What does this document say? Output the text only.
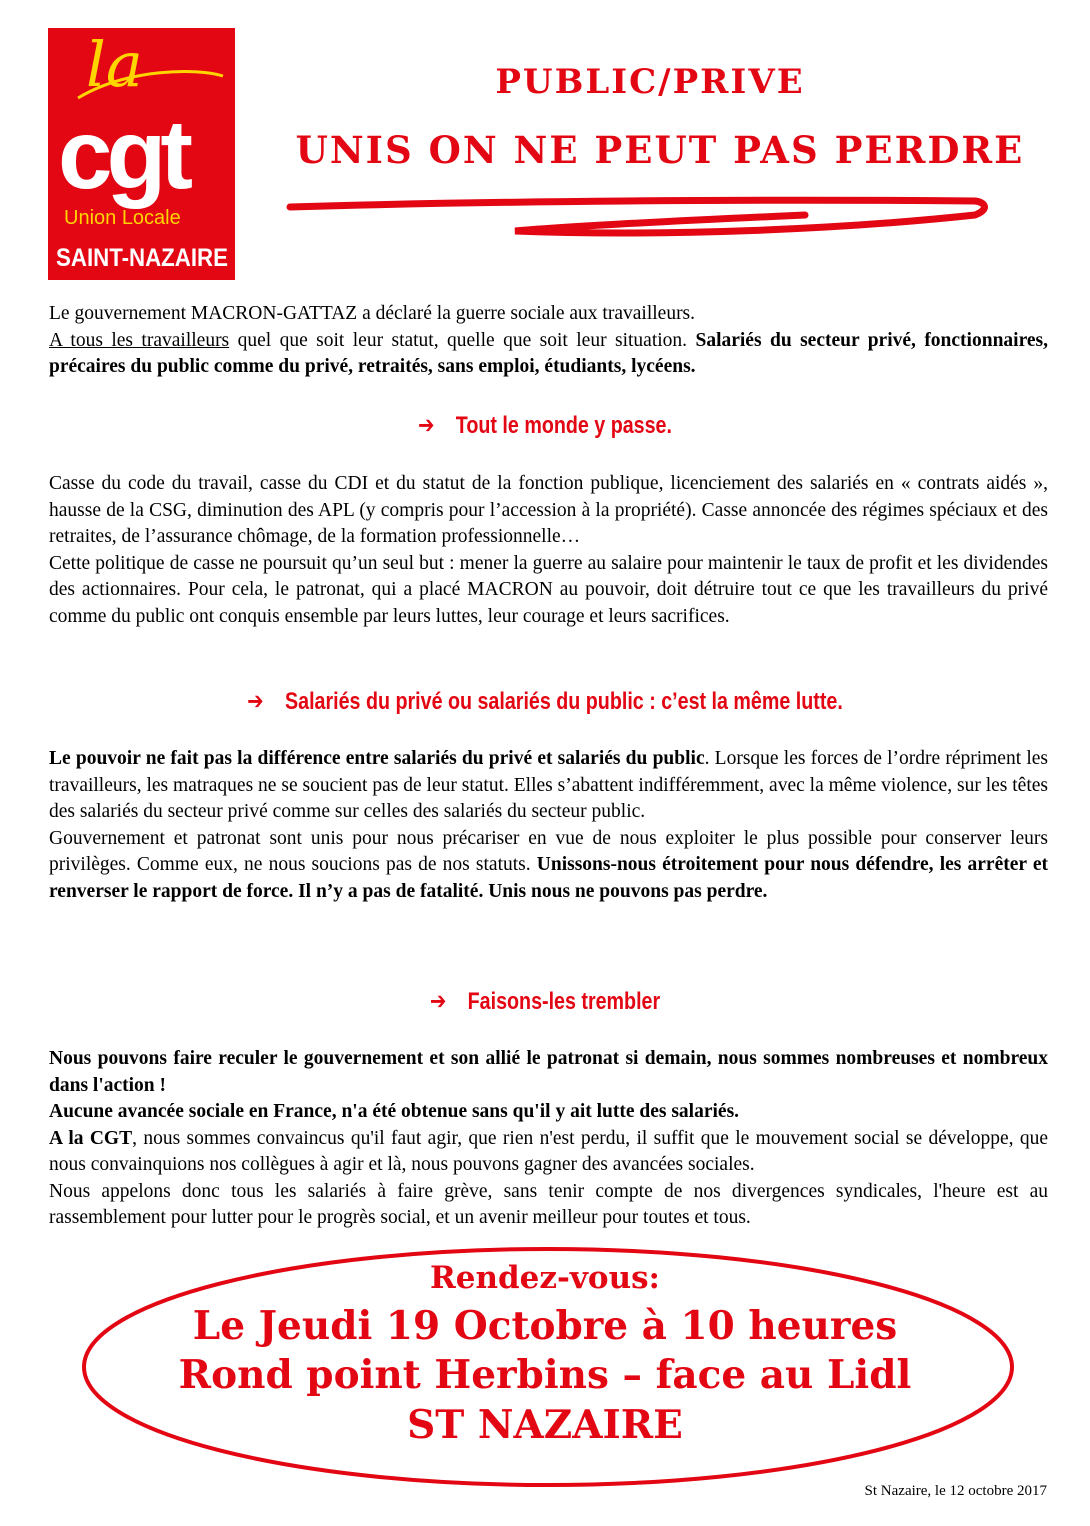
la
cgt
Union Locale
SAINT-NAZAIRE
PUBLIC/PRIVE
UNIS ON NE PEUT PAS PERDRE

Le gouvernement MACRON-GATTAZ a déclaré la guerre sociale aux travailleurs.

A tous les travailleurs quel que soit leur statut, quelle que soit leur situation. Salariés du secteur privé, fonctionnaires, précaires du public comme du privé, retraités, sans emploi, étudiants, lycéens.

➔ Tout le monde y passe.

Casse du code du travail, casse du CDI et du statut de la fonction publique, licenciement des salariés en « contrats aidés », hausse de la CSG, diminution des APL (y compris pour l’accession à la propriété). Casse annoncée des régimes spéciaux et des retraites, de l’assurance chômage, de la formation professionnelle…

Cette politique de casse ne poursuit qu’un seul but : mener la guerre au salaire pour maintenir le taux de profit et les dividendes des actionnaires. Pour cela, le patronat, qui a placé MACRON au pouvoir, doit détruire tout ce que les travailleurs du privé comme du public ont conquis ensemble par leurs luttes, leur courage et leurs sacrifices.

➔ Salariés du privé ou salariés du public : c’est la même lutte.

Le pouvoir ne fait pas la différence entre salariés du privé et salariés du public. Lorsque les forces de l’ordre répriment les travailleurs, les matraques ne se soucient pas de leur statut. Elles s’abattent indifféremment, avec la même violence, sur les têtes des salariés du secteur privé comme sur celles des salariés du secteur public.

Gouvernement et patronat sont unis pour nous précariser en vue de nous exploiter le plus possible pour conserver leurs privilèges. Comme eux, ne nous soucions pas de nos statuts. Unissons-nous étroitement pour nous défendre, les arrêter et renverser le rapport de force. Il n’y a pas de fatalité. Unis nous ne pouvons pas perdre.

➔ Faisons-les trembler

Nous pouvons faire reculer le gouvernement et son allié le patronat si demain, nous sommes nombreuses et nombreux dans l'action !

Aucune avancée sociale en France, n'a été obtenue sans qu'il y ait lutte des salariés.

A la CGT, nous sommes convaincus qu'il faut agir, que rien n'est perdu, il suffit que le mouvement social se développe, que nous convainquions nos collègues à agir et là, nous pouvons gagner des avancées sociales.

Nous appelons donc tous les salariés à faire grève, sans tenir compte de nos divergences syndicales, l'heure est au rassemblement pour lutter pour le progrès social, et un avenir meilleur pour toutes et tous.

Rendez-vous:
Le Jeudi 19 Octobre à 10 heures
Rond point Herbins – face au Lidl
ST NAZAIRE
St Nazaire, le 12 octobre 2017
